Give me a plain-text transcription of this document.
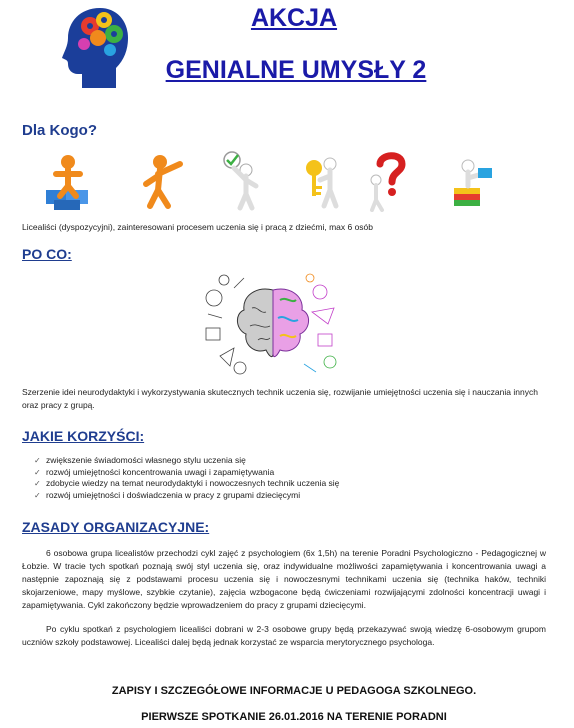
AKCJA
GENIALNE UMYSŁY 2
Dla Kogo?
Licealiści (dyspozycyjni), zainteresowani procesem uczenia się i pracą z dziećmi, max 6 osób
PO CO:
Szerzenie idei neurodydaktyki i wykorzystywania skutecznych technik uczenia się, rozwijanie umiejętności uczenia się i nauczania innych oraz pracy z grupą.
JAKIE KORZYŚCI:
✓ zwiększenie świadomości własnego stylu uczenia się
✓ rozwój umiejętności koncentrowania uwagi i zapamiętywania
✓ zdobycie wiedzy na temat neurodydaktyki i nowoczesnych technik uczenia się
✓ rozwój umiejętności i doświadczenia w pracy z grupami dziecięcymi
ZASADY ORGANIZACYJNE:

6 osobowa grupa licealistów przechodzi cykl zajęć z psychologiem (6x 1,5h) na terenie Poradni Psychologiczno - Pedagogicznej w Łobzie. W tracie tych spotkań poznają swój styl uczenia się, oraz indywidualne możliwości zapamiętywania i koncentrowania uwagi a następnie zapoznają się z podstawami procesu uczenia się i nowoczesnymi technikami uczenia się (technika haków, techniki skojarzeniowe, mapy myślowe, szybkie czytanie), zajęcia wzbogacone będą ćwiczeniami rozwijającymi zdolności koncentracji uwagi i zapamiętywania. Cykl zakończony będzie wprowadzeniem do pracy z grupami dziecięcymi.

Po cyklu spotkań z psychologiem licealiści dobrani w 2-3 osobowe grupy będą przekazywać swoją wiedzę 6-osobowym grupom uczniów szkoły podstawowej. Licealiści dalej będą jednak korzystać ze wsparcia merytorycznego psychologa.

ZAPISY I SZCZEGÓŁOWE INFORMACJE U PEDAGOGA SZKOLNEGO.
PIERWSZE SPOTKANIE 26.01.2016 NA TERENIE PORADNI
